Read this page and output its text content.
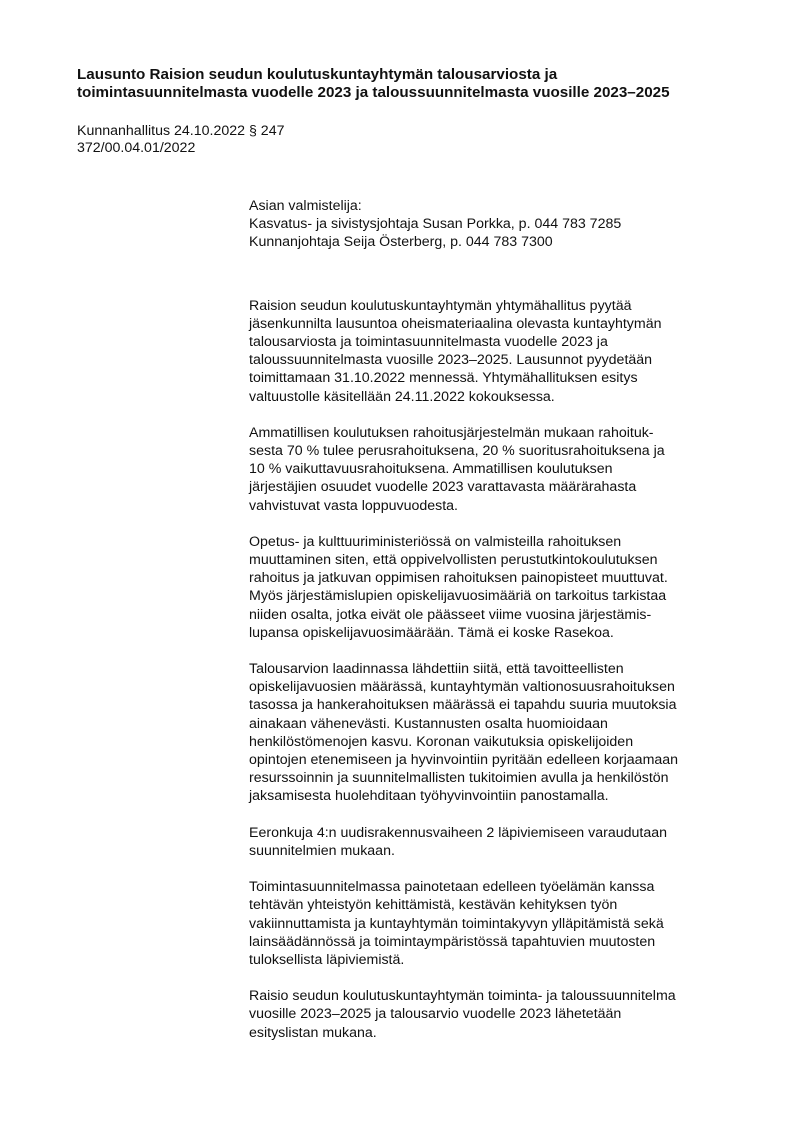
Lausunto Raision seudun koulutuskuntayhtymän talousarviosta ja
toimintasuunnitelmasta vuodelle 2023 ja taloussuunnitelmasta vuosille 2023–2025
Kunnanhallitus 24.10.2022 § 247
372/00.04.01/2022
Asian valmistelija:
Kasvatus- ja sivistysjohtaja Susan Porkka, p. 044 783 7285
Kunnanjohtaja Seija Österberg, p. 044 783 7300

Raision seudun koulutuskuntayhtymän yhtymähallitus pyytää
jäsenkunnilta lausuntoa oheismateriaalina olevasta kuntayhtymän
talousarviosta ja toimintasuunnitelmasta vuodelle 2023 ja
taloussuunnitelmasta vuosille 2023–2025. Lausunnot pyydetään
toimittamaan 31.10.2022 mennessä. Yhtymähallituksen esitys
valtuustolle käsitellään 24.11.2022 kokouksessa.

Ammatillisen koulutuksen rahoitusjärjestelmän mukaan rahoituk-
sesta 70 % tulee perusrahoituksena, 20 % suoritusrahoituksena ja
10 % vaikuttavuusrahoituksena. Ammatillisen koulutuksen
järjestäjien osuudet vuodelle 2023 varattavasta määrärahasta
vahvistuvat vasta loppuvuodesta.

Opetus- ja kulttuuriministeriössä on valmisteilla rahoituksen
muuttaminen siten, että oppivelvollisten perustutkintokoulutuksen
rahoitus ja jatkuvan oppimisen rahoituksen painopisteet muuttuvat.
Myös järjestämislupien opiskelijavuosimääriä on tarkoitus tarkistaa
niiden osalta, jotka eivät ole päässeet viime vuosina järjestämis-
lupansa opiskelijavuosimäärään. Tämä ei koske Rasekoa.

Talousarvion laadinnassa lähdettiin siitä, että tavoitteellisten
opiskelijavuosien määrässä, kuntayhtymän valtionosuusrahoituksen
tasossa ja hankerahoituksen määrässä ei tapahdu suuria muutoksia
ainakaan vähenevästi. Kustannusten osalta huomioidaan
henkilöstömenojen kasvu. Koronan vaikutuksia opiskelijoiden
opintojen etenemiseen ja hyvinvointiin pyritään edelleen korjaamaan
resurssoinnin ja suunnitelmallisten tukitoimien avulla ja henkilöstön
jaksamisesta huolehditaan työhyvinvointiin panostamalla.

Eeronkuja 4:n uudisrakennusvaiheen 2 läpiviemiseen varaudutaan
suunnitelmien mukaan.

Toimintasuunnitelmassa painotetaan edelleen työelämän kanssa
tehtävän yhteistyön kehittämistä, kestävän kehityksen työn
vakiinnuttamista ja kuntayhtymän toimintakyvyn ylläpitämistä sekä
lainsäädännössä ja toimintaympäristössä tapahtuvien muutosten
tuloksellista läpiviemistä.

Raisio seudun koulutuskuntayhtymän toiminta- ja taloussuunnitelma
vuosille 2023–2025 ja talousarvio vuodelle 2023 lähetetään
esityslistan mukana.
